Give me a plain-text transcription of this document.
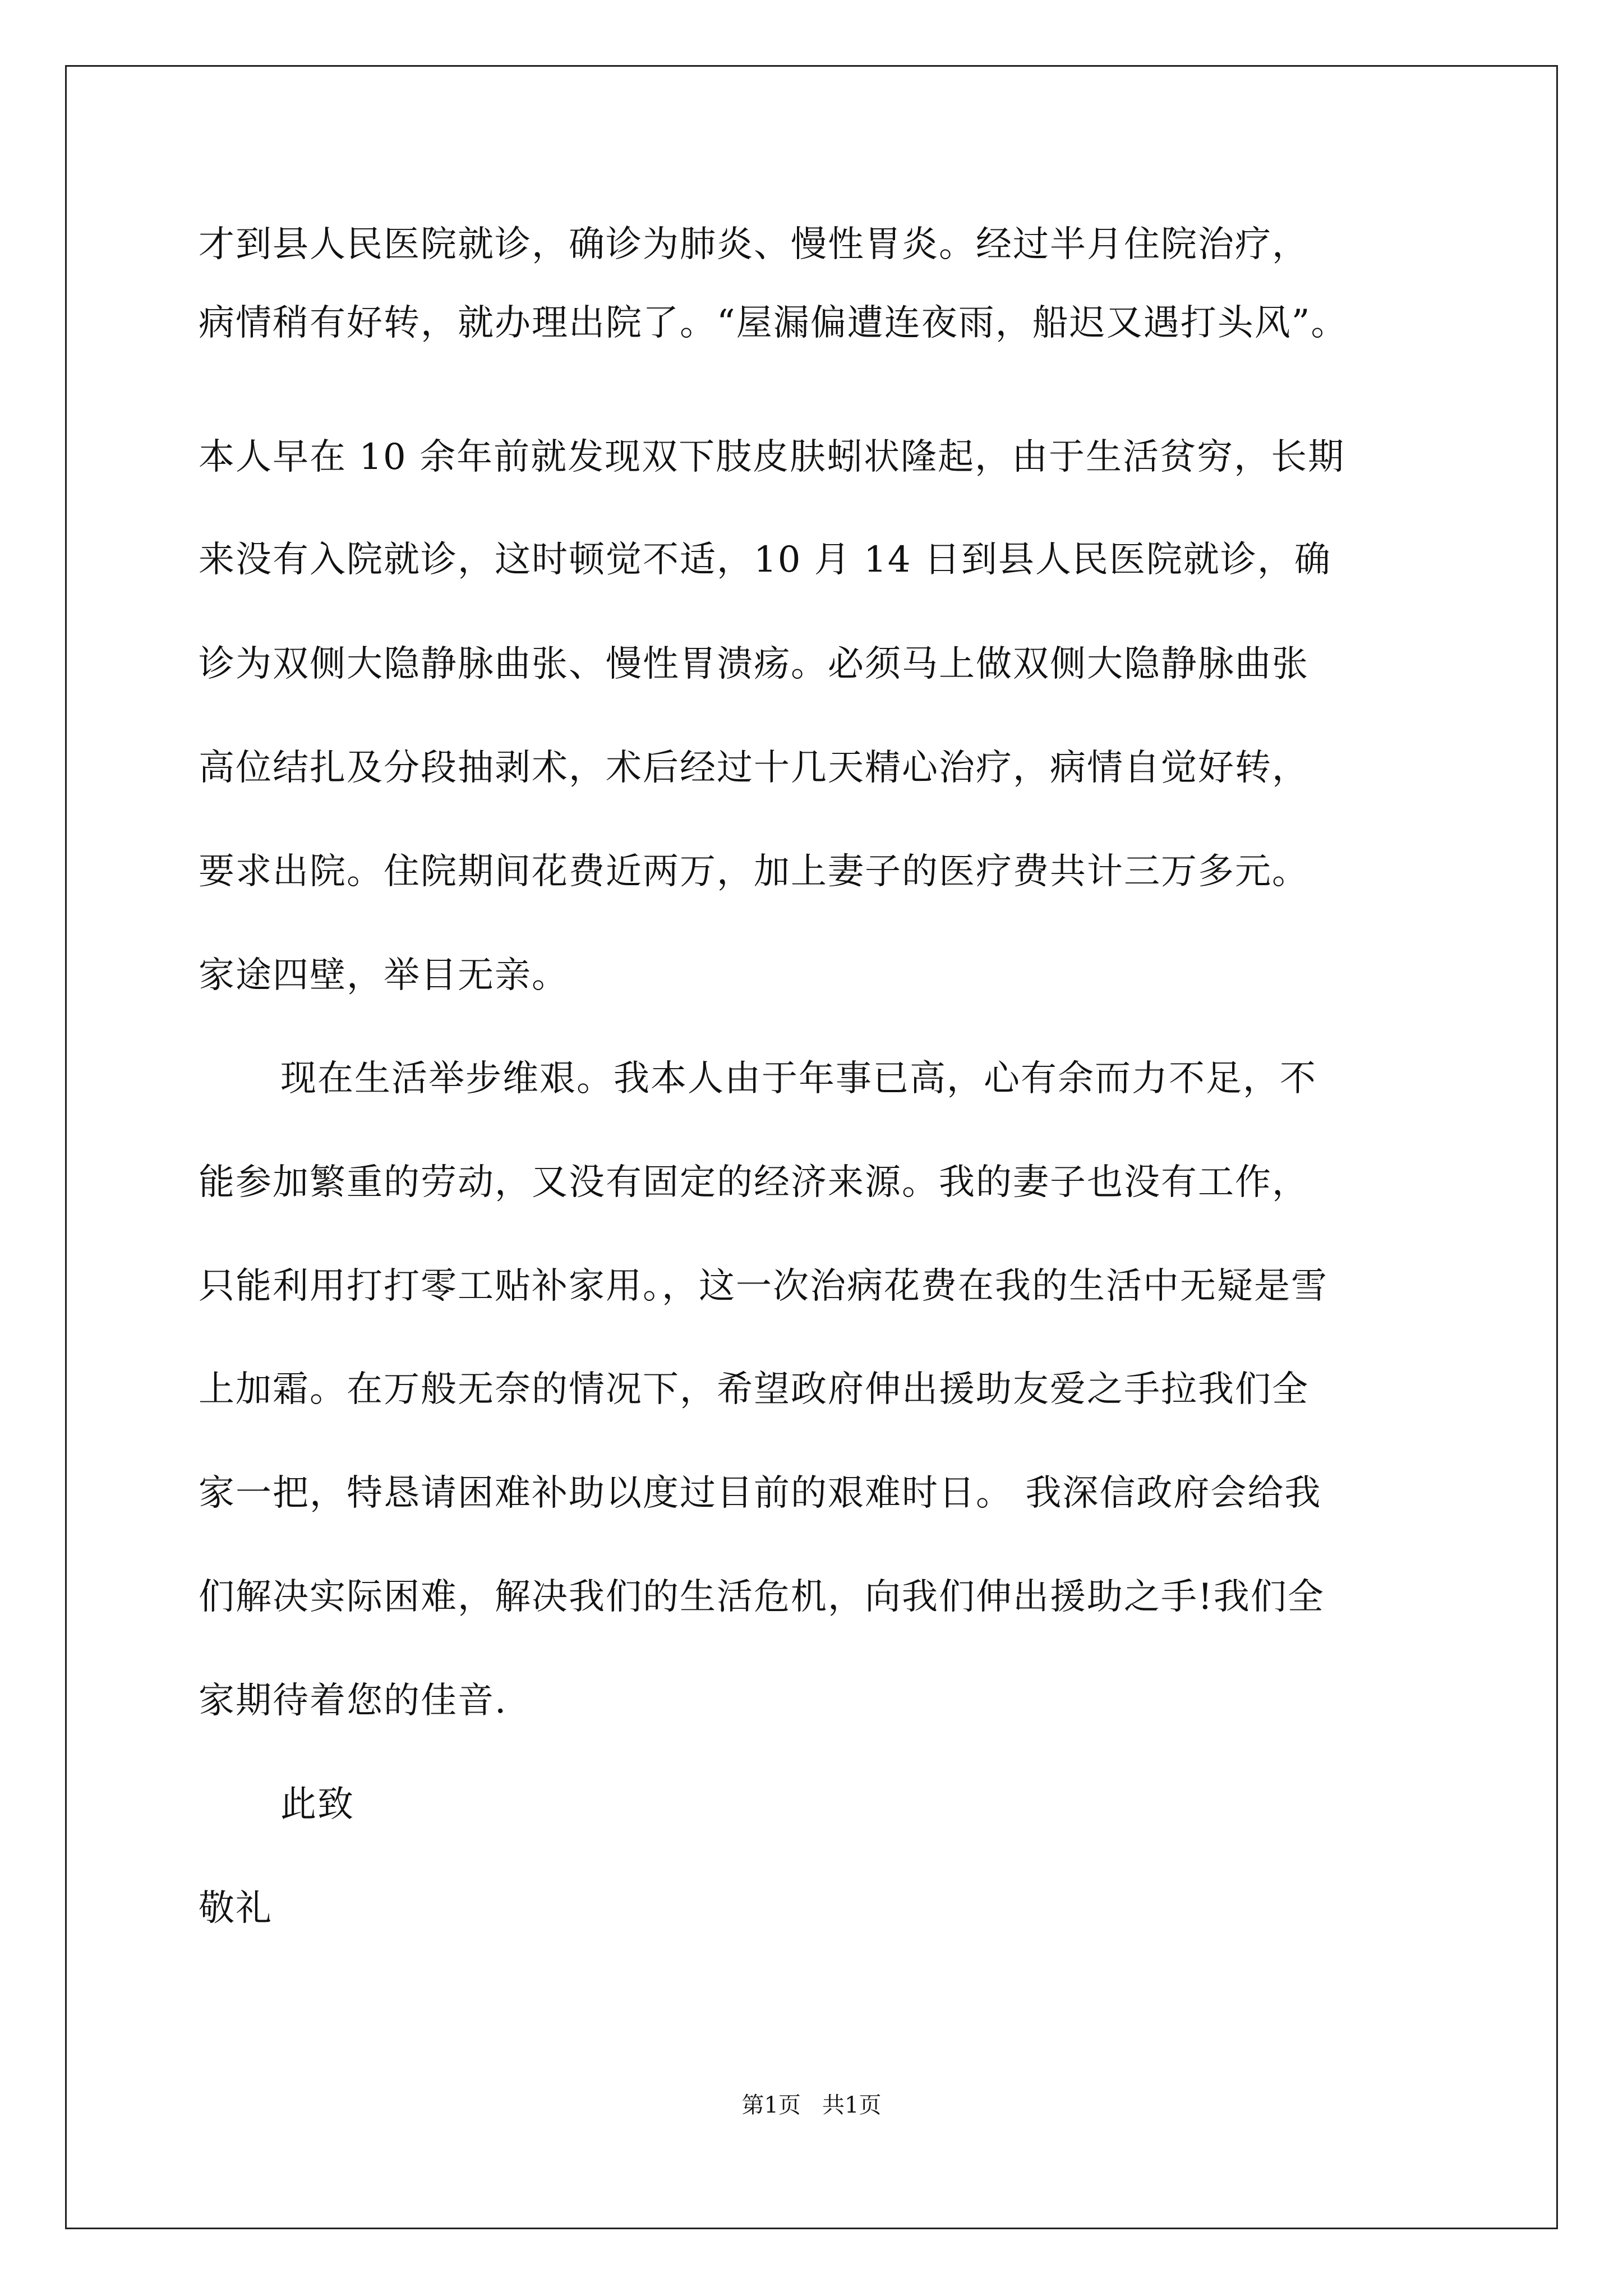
才到县人民医院就诊，确诊为肺炎、慢性胃炎。经过半月住院治疗，
病情稍有好转，就办理出院了。“屋漏偏遭连夜雨，船迟又遇打头风”。
本人早在 10 余年前就发现双下肢皮肤蚓状隆起，由于生活贫穷，长期
来没有入院就诊，这时顿觉不适，10 月 14 日到县人民医院就诊，确
诊为双侧大隐静脉曲张、慢性胃溃疡。必须马上做双侧大隐静脉曲张
高位结扎及分段抽剥术，术后经过十几天精心治疗，病情自觉好转，
要求出院。住院期间花费近两万，加上妻子的医疗费共计三万多元。
家途四壁，举目无亲。
现在生活举步维艰。我本人由于年事已高，心有余而力不足，不
能参加繁重的劳动，又没有固定的经济来源。我的妻子也没有工作，
只能利用打打零工贴补家用。，这一次治病花费在我的生活中无疑是雪
上加霜。在万般无奈的情况下，希望政府伸出援助友爱之手拉我们全
家一把，特恳请困难补助以度过目前的艰难时日。 我深信政府会给我
们解决实际困难，解决我们的生活危机，向我们伸出援助之手!我们全
家期待着您的佳音.
此致
敬礼
第1页   共1页
